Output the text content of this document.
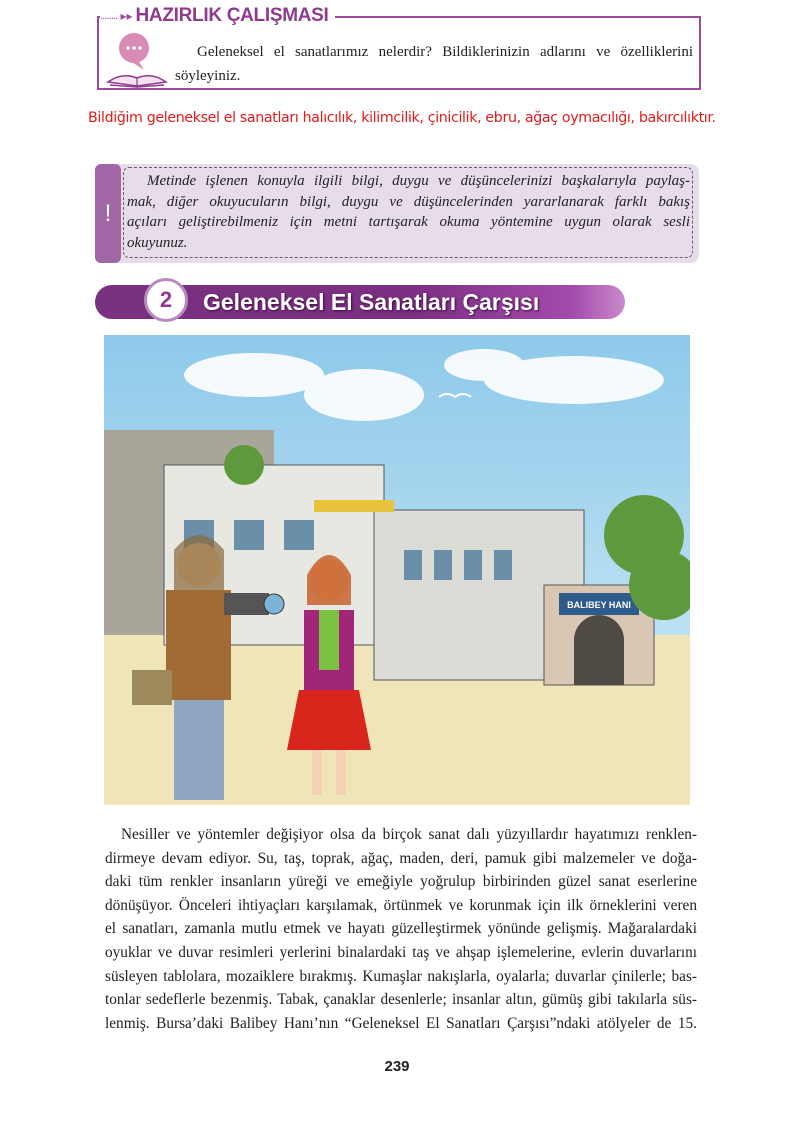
........ ▸▸ HAZIRLIK ÇALIŞMASI
Geleneksel el sanatlarımız nelerdir? Bildiklerinizin adlarını ve özelliklerini
söyleyiniz.
Bildiğim geleneksel el sanatları halıcılık, kilimcilik, çinicilik, ebru, ağaç oymacılığı, bakırcılıktır.
!
Metinde işlenen konuyla ilgili bilgi, duygu ve düşüncelerinizi başkalarıyla paylaş-
mak, diğer okuyucuların bilgi, duygu ve düşüncelerinden yararlanarak farklı bakış
açıları geliştirebilmeniz için metni tartışarak okuma yöntemine uygun olarak sesli
okuyunuz.
2	Geleneksel El Sanatları Çarşısı
BALIBEY HANI
Nesiller ve yöntemler değişiyor olsa da birçok sanat dalı yüzyıllardır hayatımızı renklen-
dirmeye devam ediyor. Su, taş, toprak, ağaç, maden, deri, pamuk gibi malzemeler ve doğa-
daki tüm renkler insanların yüreği ve emeğiyle yoğrulup birbirinden güzel sanat eserlerine
dönüşüyor. Önceleri ihtiyaçları karşılamak, örtünmek ve korunmak için ilk örneklerini veren
el sanatları, zamanla mutlu etmek ve hayatı güzelleştirmek yönünde gelişmiş. Mağaralardaki
oyuklar ve duvar resimleri yerlerini binalardaki taş ve ahşap işlemelerine, evlerin duvarlarını
süsleyen tablolara, mozaiklere bırakmış. Kumaşlar nakışlarla, oyalarla; duvarlar çinilerle; bas-
tonlar sedeflerle bezenmiş. Tabak, çanaklar desenlerle; insanlar altın, gümüş gibi takılarla süs-
lenmiş. Bursa’daki Balibey Hanı’nın “Geleneksel El Sanatları Çarşısı”ndaki atölyeler de 15.
239
